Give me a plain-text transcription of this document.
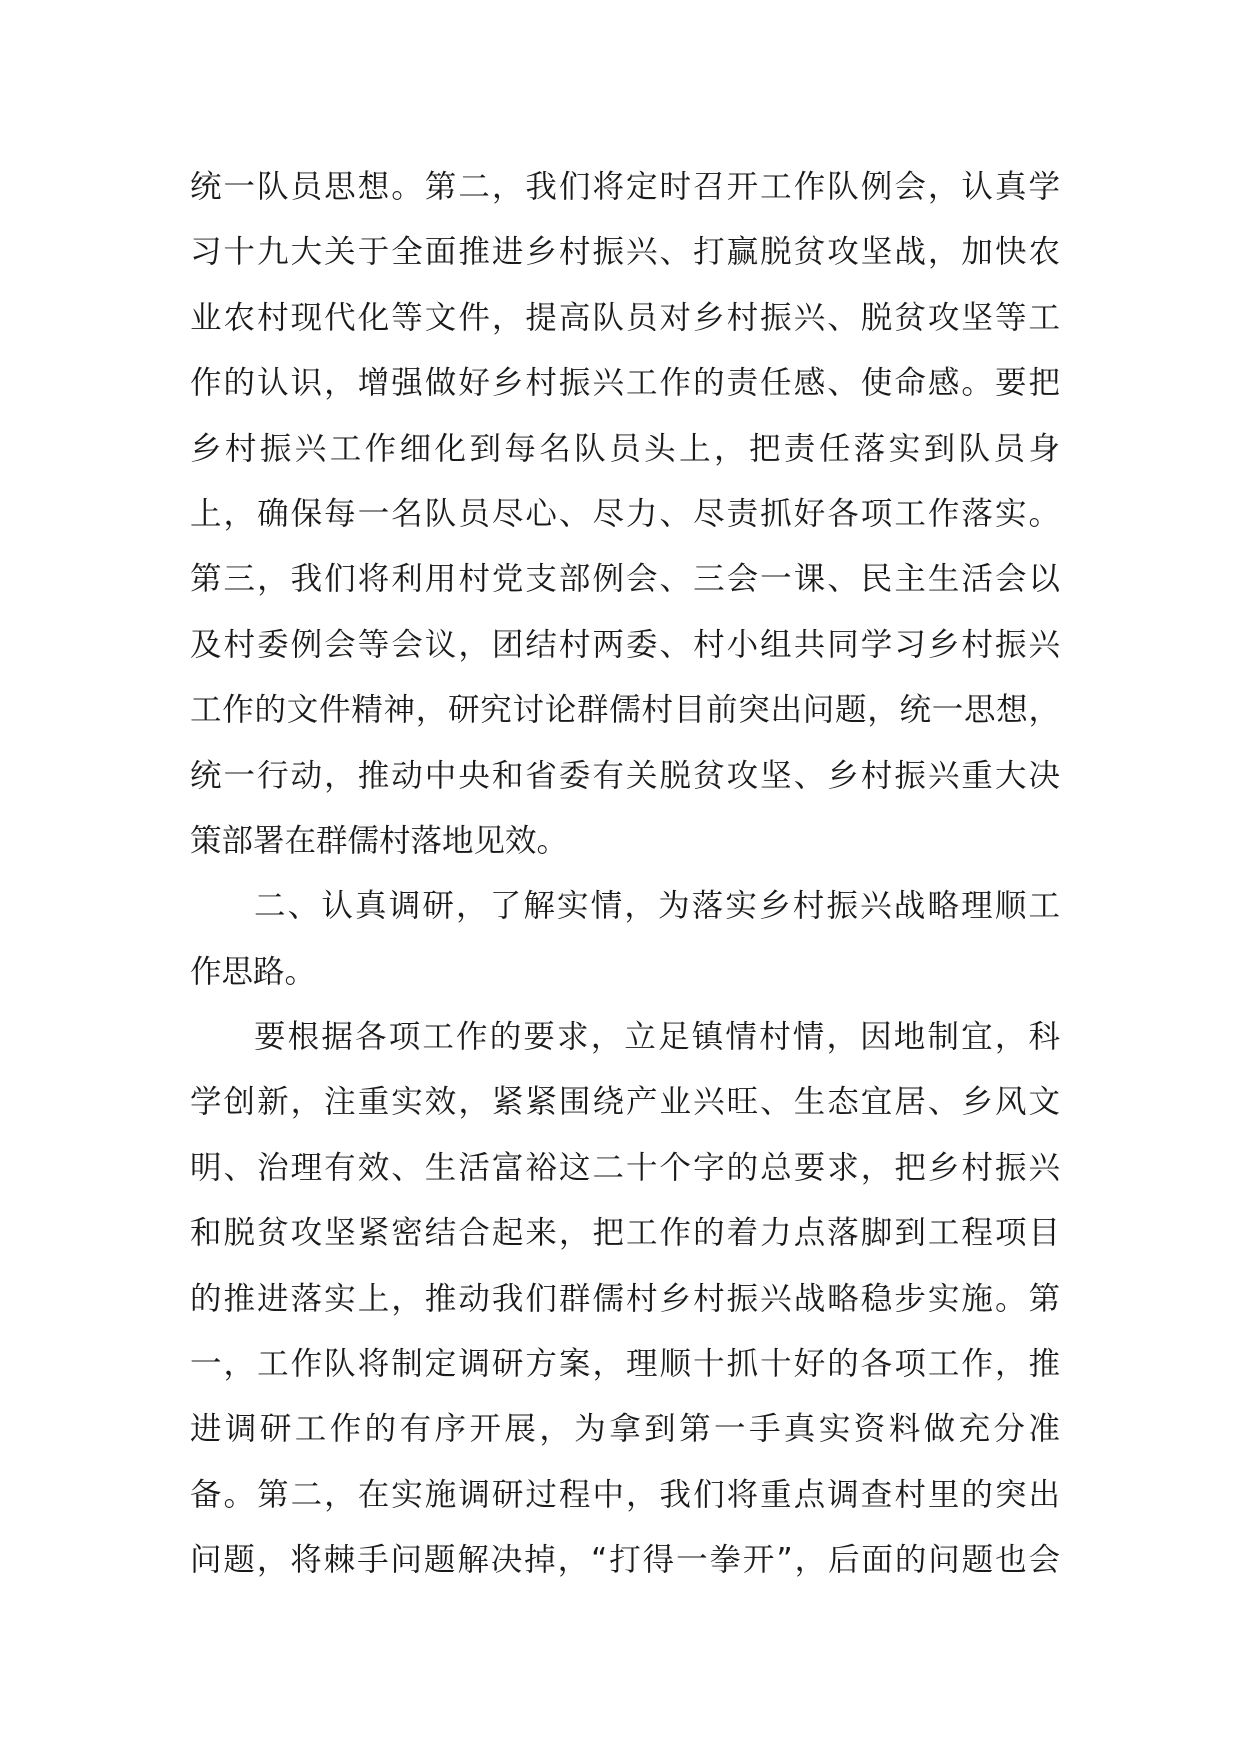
统一队员思想。第二，我们将定时召开工作队例会，认真学
习十九大关于全面推进乡村振兴、打赢脱贫攻坚战，加快农
业农村现代化等文件，提高队员对乡村振兴、脱贫攻坚等工
作的认识，增强做好乡村振兴工作的责任感、使命感。要把
乡村振兴工作细化到每名队员头上，把责任落实到队员身
上，确保每一名队员尽心、尽力、尽责抓好各项工作落实。
第三，我们将利用村党支部例会、三会一课、民主生活会以
及村委例会等会议，团结村两委、村小组共同学习乡村振兴
工作的文件精神，研究讨论群儒村目前突出问题，统一思想，
统一行动，推动中央和省委有关脱贫攻坚、乡村振兴重大决
策部署在群儒村落地见效。
二、认真调研，了解实情，为落实乡村振兴战略理顺工
作思路。
要根据各项工作的要求，立足镇情村情，因地制宜，科
学创新，注重实效，紧紧围绕产业兴旺、生态宜居、乡风文
明、治理有效、生活富裕这二十个字的总要求，把乡村振兴
和脱贫攻坚紧密结合起来，把工作的着力点落脚到工程项目
的推进落实上，推动我们群儒村乡村振兴战略稳步实施。第
一，工作队将制定调研方案，理顺十抓十好的各项工作，推
进调研工作的有序开展，为拿到第一手真实资料做充分准
备。第二，在实施调研过程中，我们将重点调查村里的突出
问题，将棘手问题解决掉，“打得一拳开”，后面的问题也会
